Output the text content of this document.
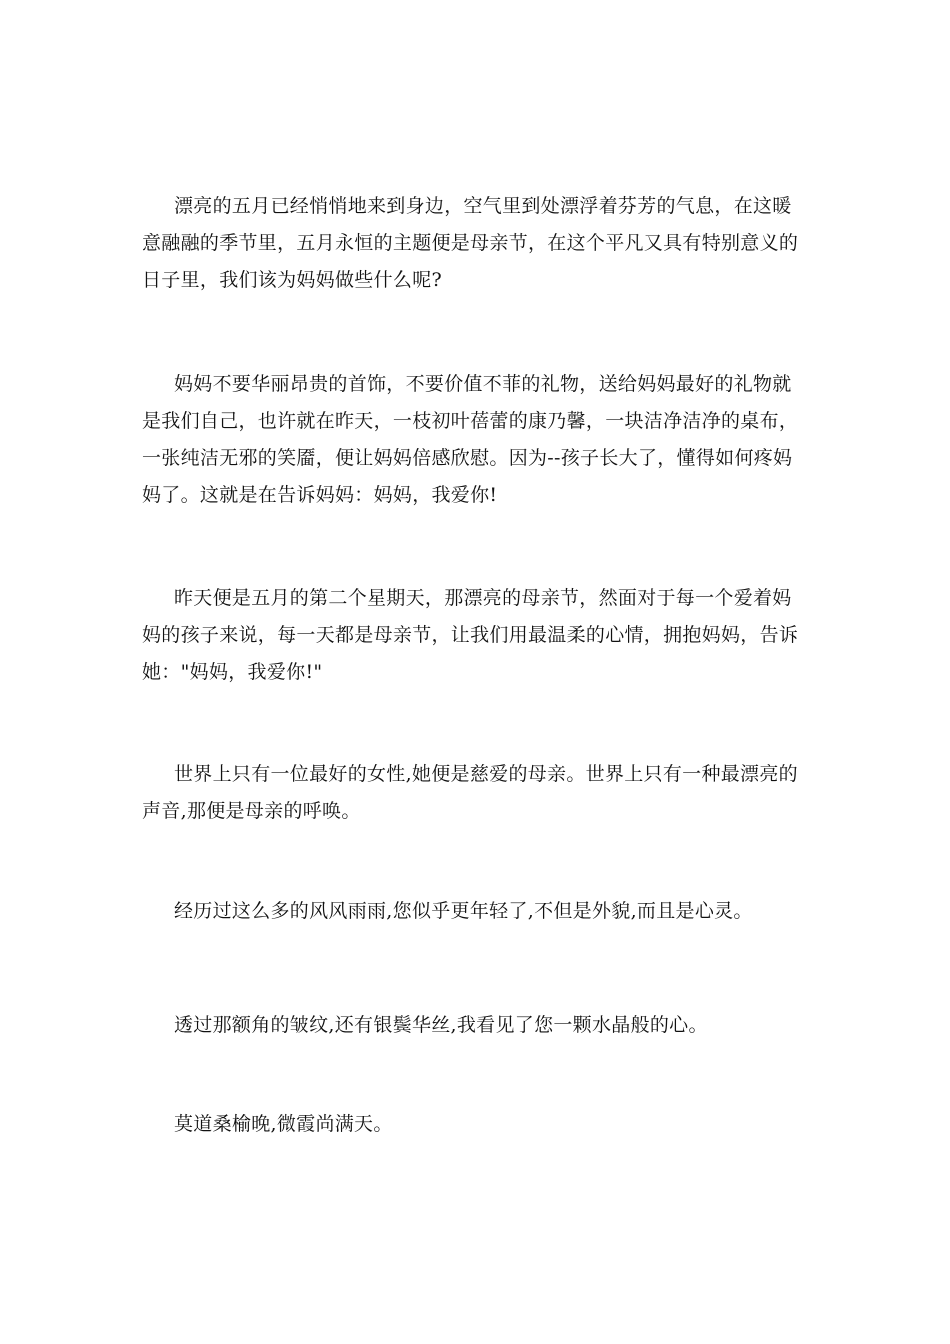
漂亮的五月已经悄悄地来到身边，空气里到处漂浮着芬芳的气息，在这暖意融融的季节里，五月永恒的主题便是母亲节，在这个平凡又具有特别意义的日子里，我们该为妈妈做些什么呢?

妈妈不要华丽昂贵的首饰，不要价值不菲的礼物，送给妈妈最好的礼物就是我们自己，也许就在昨天，一枝初叶蓓蕾的康乃馨，一块洁净洁净的桌布，一张纯洁无邪的笑靥，便让妈妈倍感欣慰。因为--孩子长大了，懂得如何疼妈妈了。这就是在告诉妈妈：妈妈，我爱你!

昨天便是五月的第二个星期天，那漂亮的母亲节，然面对于每一个爱着妈妈的孩子来说，每一天都是母亲节，让我们用最温柔的心情，拥抱妈妈，告诉她："妈妈，我爱你!"

世界上只有一位最好的女性,她便是慈爱的母亲。世界上只有一种最漂亮的声音,那便是母亲的呼唤。

经历过这么多的风风雨雨,您似乎更年轻了,不但是外貌,而且是心灵。

透过那额角的皱纹,还有银鬓华丝,我看见了您一颗水晶般的心。

莫道桑榆晚,微霞尚满天。
